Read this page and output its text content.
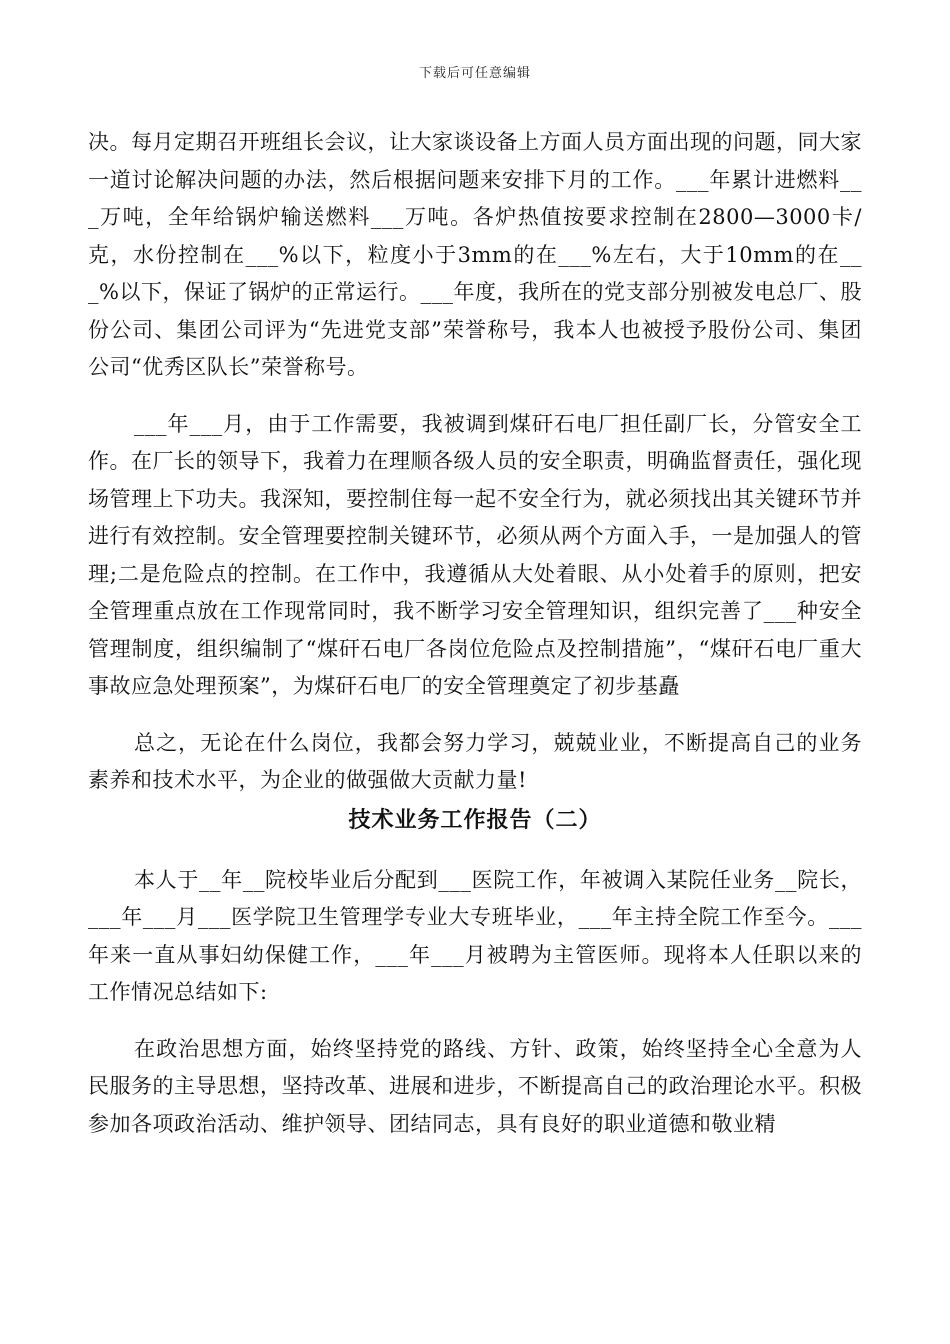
下载后可任意编辑

决。每月定期召开班组长会议，让大家谈设备上方面人员方面出现的问题，同大家一道讨论解决问题的办法，然后根据问题来安排下月的工作。___年累计进燃料___万吨，全年给锅炉输送燃料___万吨。各炉热值按要求控制在2800—3000卡/克，水份控制在___%以下，粒度小于3mm的在___%左右，大于10mm的在___%以下，保证了锅炉的正常运行。___年度，我所在的党支部分别被发电总厂、股份公司、集团公司评为“先进党支部”荣誉称号，我本人也被授予股份公司、集团公司“优秀区队长”荣誉称号。

___年___月，由于工作需要，我被调到煤矸石电厂担任副厂长，分管安全工作。在厂长的领导下，我着力在理顺各级人员的安全职责，明确监督责任，强化现场管理上下功夫。我深知，要控制住每一起不安全行为，就必须找出其关键环节并进行有效控制。安全管理要控制关键环节，必须从两个方面入手，一是加强人的管理;二是危险点的控制。在工作中，我遵循从大处着眼、从小处着手的原则，把安全管理重点放在工作现常同时，我不断学习安全管理知识，组织完善了___种安全管理制度，组织编制了“煤矸石电厂各岗位危险点及控制措施”，“煤矸石电厂重大事故应急处理预案”，为煤矸石电厂的安全管理奠定了初步基矗

总之，无论在什么岗位，我都会努力学习，兢兢业业，不断提高自己的业务素养和技术水平，为企业的做强做大贡献力量!

技术业务工作报告（二）

本人于__年__院校毕业后分配到___医院工作，年被调入某院任业务__院长，___年___月___医学院卫生管理学专业大专班毕业，___年主持全院工作至今。___年来一直从事妇幼保健工作，___年___月被聘为主管医师。现将本人任职以来的工作情况总结如下:

在政治思想方面，始终坚持党的路线、方针、政策，始终坚持全心全意为人民服务的主导思想，坚持改革、进展和进步，不断提高自己的政治理论水平。积极参加各项政治活动、维护领导、团结同志，具有良好的职业道德和敬业精
